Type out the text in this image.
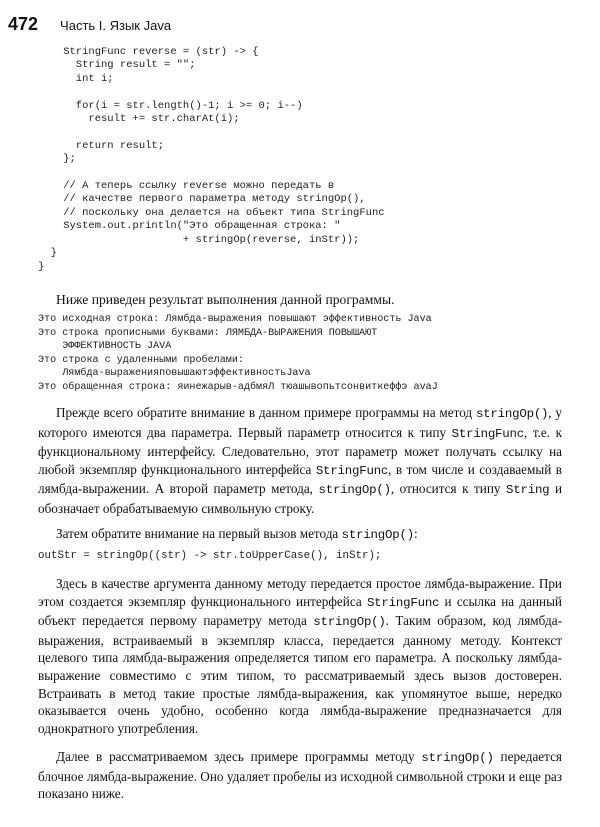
472 Часть I. Язык Java
StringFunc reverse = (str) -> {
String result = "";
int i;

for(i = str.length()-1; i >= 0; i--)
result += str.charAt(i);

return result;
};

// А теперь ссылку reverse можно передать в
// качестве первого параметра методу stringOp(),
// поскольку она делается на объект типа StringFunc
System.out.println("Это обращенная строка: "
+ stringOp(reverse, inStr));
}
}

Ниже приведен результат выполнения данной программы.

Это исходная строка: Лямбда-выражения повышают эффективность Java
Это строка прописными буквами: ЛЯМБДА-ВЫРАЖЕНИЯ ПОВЫШАЮТ
ЭФФЕКТИВНОСТЬ JAVA
Это строка с удаленными пробелами:
Лямбда-выраженияповышаютэффективностьJava
Это обращенная строка: яинежарыв-адбмяЛ тюашывопьтсонвиткеффэ avaJ

Прежде всего обратите внимание в данном примере программы на метод stringOp(), у которого имеются два параметра. Первый параметр относится к типу StringFunc, т.е. к функциональному интерфейсу. Следовательно, этот параметр может получать ссылку на любой экземпляр функционального интерфейса StringFunc, в том числе и создаваемый в лямбда-выражении. А второй параметр метода, stringOp(), относится к типу String и обозначает обрабатываемую символьную строку.

Затем обратите внимание на первый вызов метода stringOp():

outStr = stringOp((str) -> str.toUpperCase(), inStr);

Здесь в качестве аргумента данному методу передается простое лямбда-выражение. При этом создается экземпляр функционального интерфейса StringFunc и ссылка на данный объект передается первому параметру метода stringOp(). Таким образом, код лямбда-выражения, встраиваемый в экземпляр класса, передается данному методу. Контекст целевого типа лямбда-выражения определяется типом его параметра. А поскольку лямбда-выражение совместимо с этим типом, то рассматриваемый здесь вызов достоверен. Встраивать в метод такие простые лямбда-выражения, как упомянутое выше, нередко оказывается очень удобно, особенно когда лямбда-выражение предназначается для однократного употребления.

Далее в рассматриваемом здесь примере программы методу stringOp() передается блочное лямбда-выражение. Оно удаляет пробелы из исходной символьной строки и еще раз показано ниже.
